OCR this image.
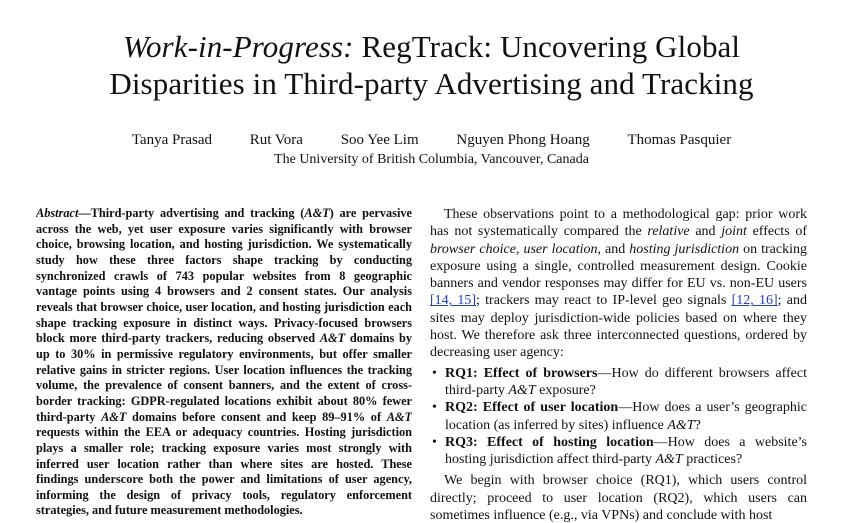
Work-in-Progress: RegTrack: Uncovering Global
Disparities in Third-party Advertising and Tracking
Tanya Prasad	Rut Vora	Soo Yee Lim	Nguyen Phong Hoang	Thomas Pasquier
The University of British Columbia, Vancouver, Canada
Abstract—Third-party advertising and tracking (A&T) are pervasive across the web, yet user exposure varies significantly with browser choice, browsing location, and hosting jurisdiction. We systematically study how these three factors shape tracking by conducting synchronized crawls of 743 popular websites from 8 geographic vantage points using 4 browsers and 2 consent states. Our analysis reveals that browser choice, user location, and hosting jurisdiction each shape tracking exposure in distinct ways. Privacy-focused browsers block more third-party trackers, reducing observed A&T domains by up to 30% in permissive regulatory environments, but offer smaller relative gains in stricter regions. User location influences the tracking volume, the prevalence of consent banners, and the extent of cross-border tracking: GDPR-regulated locations exhibit about 80% fewer third-party A&T domains before consent and keep 89–91% of A&T requests within the EEA or adequacy countries. Hosting jurisdiction plays a smaller role; tracking exposure varies most strongly with inferred user location rather than where sites are hosted. These findings underscore both the power and limitations of user agency, informing the design of privacy tools, regulatory enforcement strategies, and future measurement methodologies.

These observations point to a methodological gap: prior work has not systematically compared the relative and joint effects of browser choice, user location, and hosting jurisdiction on tracking exposure using a single, controlled measurement design. Cookie banners and vendor responses may differ for EU vs. non-EU users [14, 15]; trackers may react to IP-level geo signals [12, 16]; and sites may deploy jurisdiction-wide policies based on where they host. We therefore ask three interconnected questions, ordered by decreasing user agency:

• RQ1: Effect of browsers—How do different browsers affect third-party A&T exposure?
• RQ2: Effect of user location—How does a user’s geographic location (as inferred by sites) influence A&T?
• RQ3: Effect of hosting location—How does a website’s hosting jurisdiction affect third-party A&T practices?

We begin with browser choice (RQ1), which users control directly; proceed to user location (RQ2), which users can sometimes influence (e.g., via VPNs) and conclude with host
